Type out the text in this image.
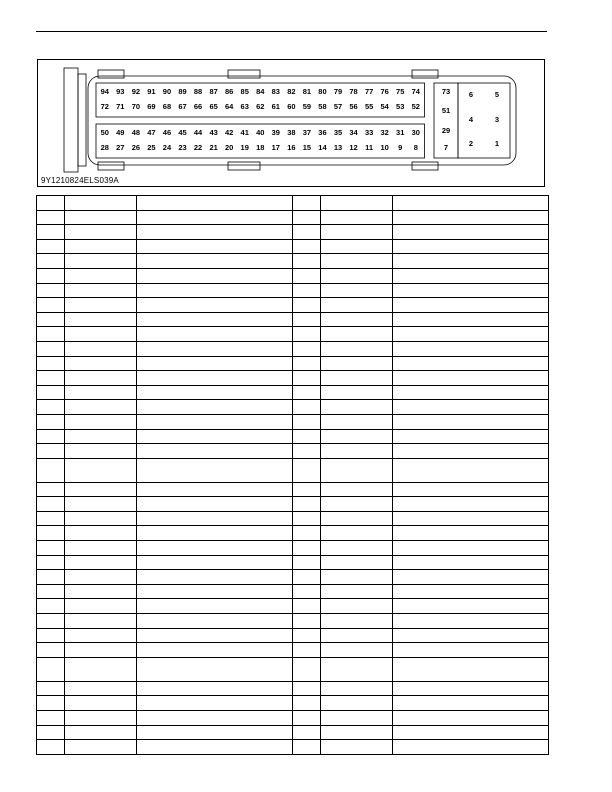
94 93 92 91 90 89 88 87 86 85 84 83 82 81 80 79 78 77 76 75 74
72 71 70 69 68 67 66 65 64 63 62 61 60 59 58 57 56 55 54 53 52
50 49 48 47 46 45 44 43 42 41 40 39 38 37 36 35 34 33 32 31 30
28 27 26 25 24 23 22 21 20 19 18 17 16 15 14 13 12 11 10 9 8
73
51
29
7
6	5
4	3
2	1
9Y1210824ELS039A
